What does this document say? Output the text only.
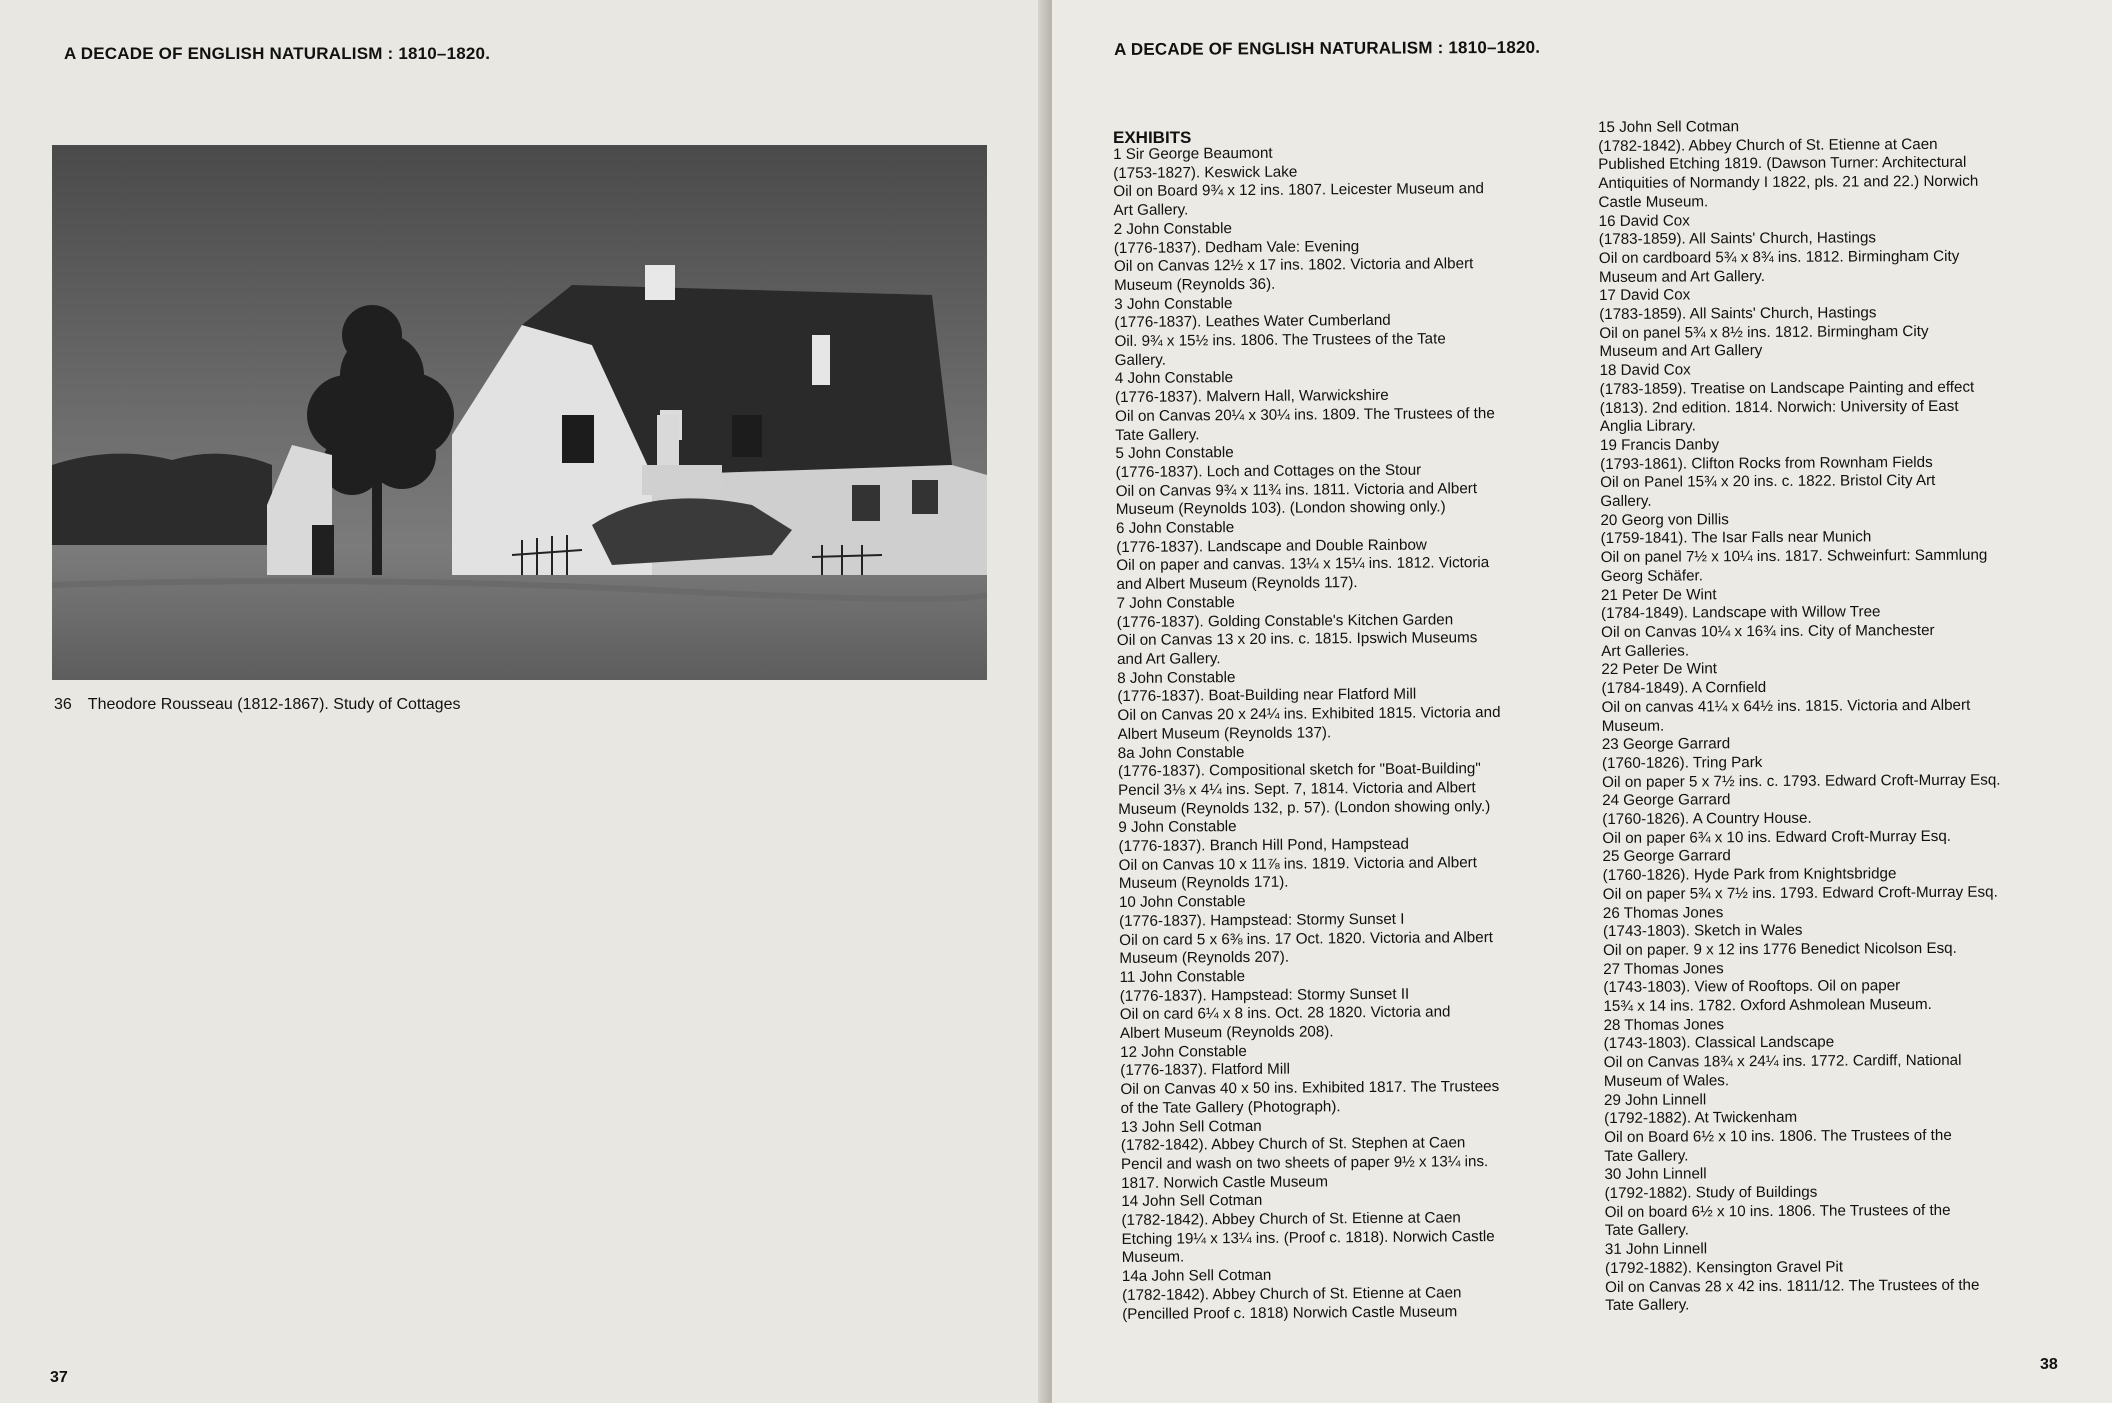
A DECADE OF ENGLISH NATURALISM : 1810–1820.
36 Theodore Rousseau (1812-1867). Study of Cottages
37
A DECADE OF ENGLISH NATURALISM : 1810–1820.
38
EXHIBITS
1 Sir George Beaumont
(1753-1827). Keswick Lake
Oil on Board 9¾ x 12 ins. 1807. Leicester Museum and
Art Gallery.
2 John Constable
(1776-1837). Dedham Vale: Evening
Oil on Canvas 12½ x 17 ins. 1802. Victoria and Albert
Museum (Reynolds 36).
3 John Constable
(1776-1837). Leathes Water Cumberland
Oil. 9¾ x 15½ ins. 1806. The Trustees of the Tate
Gallery.
4 John Constable
(1776-1837). Malvern Hall, Warwickshire
Oil on Canvas 20¼ x 30¼ ins. 1809. The Trustees of the
Tate Gallery.
5 John Constable
(1776-1837). Loch and Cottages on the Stour
Oil on Canvas 9¾ x 11¾ ins. 1811. Victoria and Albert
Museum (Reynolds 103). (London showing only.)
6 John Constable
(1776-1837). Landscape and Double Rainbow
Oil on paper and canvas. 13¼ x 15¼ ins. 1812. Victoria
and Albert Museum (Reynolds 117).
7 John Constable
(1776-1837). Golding Constable's Kitchen Garden
Oil on Canvas 13 x 20 ins. c. 1815. Ipswich Museums
and Art Gallery.
8 John Constable
(1776-1837). Boat-Building near Flatford Mill
Oil on Canvas 20 x 24¼ ins. Exhibited 1815. Victoria and
Albert Museum (Reynolds 137).
8a John Constable
(1776-1837). Compositional sketch for "Boat-Building"
Pencil 3⅛ x 4¼ ins. Sept. 7, 1814. Victoria and Albert
Museum (Reynolds 132, p. 57). (London showing only.)
9 John Constable
(1776-1837). Branch Hill Pond, Hampstead
Oil on Canvas 10 x 11⅞ ins. 1819. Victoria and Albert
Museum (Reynolds 171).
10 John Constable
(1776-1837). Hampstead: Stormy Sunset I
Oil on card 5 x 6⅜ ins. 17 Oct. 1820. Victoria and Albert
Museum (Reynolds 207).
11 John Constable
(1776-1837). Hampstead: Stormy Sunset II
Oil on card 6¼ x 8 ins. Oct. 28 1820. Victoria and
Albert Museum (Reynolds 208).
12 John Constable
(1776-1837). Flatford Mill
Oil on Canvas 40 x 50 ins. Exhibited 1817. The Trustees
of the Tate Gallery (Photograph).
13 John Sell Cotman
(1782-1842). Abbey Church of St. Stephen at Caen
Pencil and wash on two sheets of paper 9½ x 13¼ ins.
1817. Norwich Castle Museum
14 John Sell Cotman
(1782-1842). Abbey Church of St. Etienne at Caen
Etching 19¼ x 13¼ ins. (Proof c. 1818). Norwich Castle
Museum.
14a John Sell Cotman
(1782-1842). Abbey Church of St. Etienne at Caen
(Pencilled Proof c. 1818) Norwich Castle Museum
15 John Sell Cotman
(1782-1842). Abbey Church of St. Etienne at Caen
Published Etching 1819. (Dawson Turner: Architectural
Antiquities of Normandy I 1822, pls. 21 and 22.) Norwich
Castle Museum.
16 David Cox
(1783-1859). All Saints' Church, Hastings
Oil on cardboard 5¾ x 8¾ ins. 1812. Birmingham City
Museum and Art Gallery.
17 David Cox
(1783-1859). All Saints' Church, Hastings
Oil on panel 5¾ x 8½ ins. 1812. Birmingham City
Museum and Art Gallery
18 David Cox
(1783-1859). Treatise on Landscape Painting and effect
(1813). 2nd edition. 1814. Norwich: University of East
Anglia Library.
19 Francis Danby
(1793-1861). Clifton Rocks from Rownham Fields
Oil on Panel 15¾ x 20 ins. c. 1822. Bristol City Art
Gallery.
20 Georg von Dillis
(1759-1841). The Isar Falls near Munich
Oil on panel 7½ x 10¼ ins. 1817. Schweinfurt: Sammlung
Georg Schäfer.
21 Peter De Wint
(1784-1849). Landscape with Willow Tree
Oil on Canvas 10¼ x 16¾ ins. City of Manchester
Art Galleries.
22 Peter De Wint
(1784-1849). A Cornfield
Oil on canvas 41¼ x 64½ ins. 1815. Victoria and Albert
Museum.
23 George Garrard
(1760-1826). Tring Park
Oil on paper 5 x 7½ ins. c. 1793. Edward Croft-Murray Esq.
24 George Garrard
(1760-1826). A Country House.
Oil on paper 6¾ x 10 ins. Edward Croft-Murray Esq.
25 George Garrard
(1760-1826). Hyde Park from Knightsbridge
Oil on paper 5¾ x 7½ ins. 1793. Edward Croft-Murray Esq.
26 Thomas Jones
(1743-1803). Sketch in Wales
Oil on paper. 9 x 12 ins 1776 Benedict Nicolson Esq.
27 Thomas Jones
(1743-1803). View of Rooftops. Oil on paper
15¾ x 14 ins. 1782. Oxford Ashmolean Museum.
28 Thomas Jones
(1743-1803). Classical Landscape
Oil on Canvas 18¾ x 24¼ ins. 1772. Cardiff, National
Museum of Wales.
29 John Linnell
(1792-1882). At Twickenham
Oil on Board 6½ x 10 ins. 1806. The Trustees of the
Tate Gallery.
30 John Linnell
(1792-1882). Study of Buildings
Oil on board 6½ x 10 ins. 1806. The Trustees of the
Tate Gallery.
31 John Linnell
(1792-1882). Kensington Gravel Pit
Oil on Canvas 28 x 42 ins. 1811/12. The Trustees of the
Tate Gallery.
